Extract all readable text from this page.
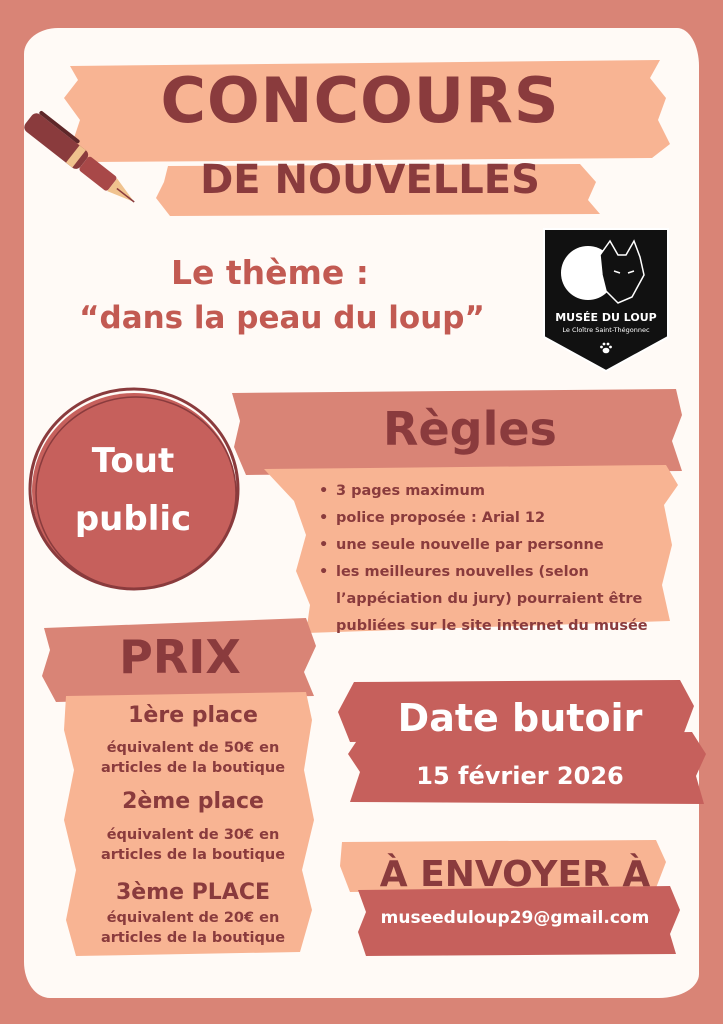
CONCOURS
DE NOUVELLES
Le thème :
“dans la peau du loup”	MUSÉE DU LOUP
Le Cloître Saint-Thégonnec
Tout
public
Règles
• 3 pages maximum
• police proposée : Arial 12
• une seule nouvelle par personne
• les meilleures nouvelles (selon l’appéciation du jury) pourraient être publiées sur le site internet du musée
PRIX
1ère place
équivalent de 50€ en
articles de la boutique
2ème place
équivalent de 30€ en
articles de la boutique
3ème PLACE
équivalent de 20€ en
articles de la boutique
Date butoir
15 février 2026
À ENVOYER À
museeduloup29@gmail.com
